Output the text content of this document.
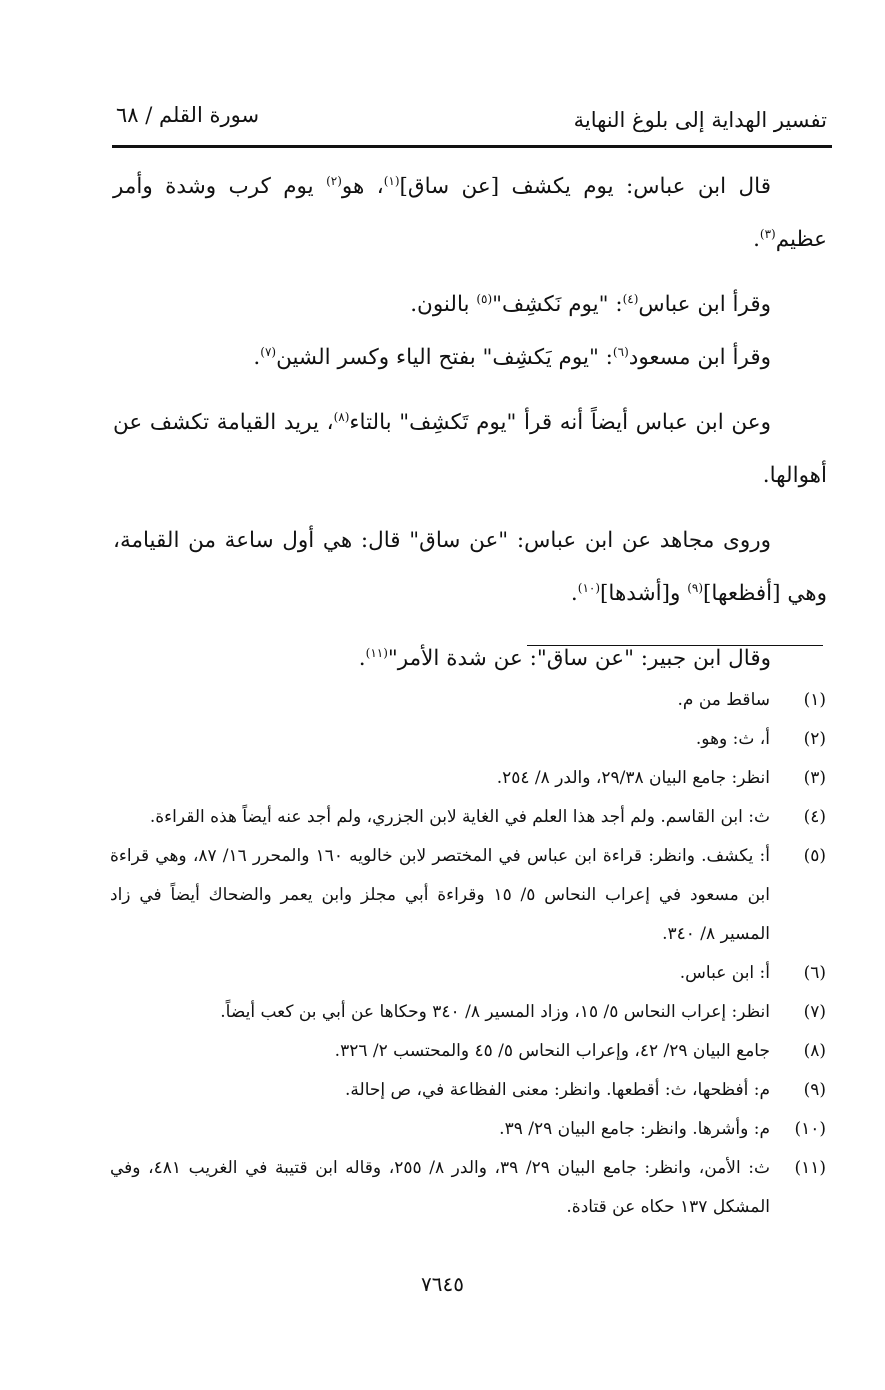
تفسير الهداية إلى بلوغ النهاية
سورة القلم / ٦٨

قال ابن عباس: يوم يكشف [عن ساق]$^{(١)}$، هو$^{(٢)}$ يوم كرب وشدة وأمر عظيم$^{(٣)}$.

وقرأ ابن عباس$^{(٤)}$: "يوم نَكشِف"$^{(٥)}$ بالنون.

وقرأ ابن مسعود$^{(٦)}$: "يوم يَكشِف" بفتح الياء وكسر الشين$^{(٧)}$.

وعن ابن عباس أيضاً أنه قرأ "يوم تَكشِف" بالتاء$^{(٨)}$، يريد القيامة تكشف عن أهوالها.

وروى مجاهد عن ابن عباس: "عن ساق" قال: هي أول ساعة من القيامة، وهي [أفظعها]$^{(٩)}$ و[أشدها]$^{(١٠)}$.

وقال ابن جبير: "عن ساق": عن شدة الأمر"$^{(١١)}$.

(١)
ساقط من م.
(٢)
أ، ث: وهو.
(٣)
انظر: جامع البيان ٢٩/٣٨، والدر ٨/ ٢٥٤.
(٤)
ث: ابن القاسم. ولم أجد هذا العلم في الغاية لابن الجزري، ولم أجد عنه أيضاً هذه القراءة.
(٥)
أ: يكشف. وانظر: قراءة ابن عباس في المختصر لابن خالويه ١٦٠ والمحرر ١٦/ ٨٧، وهي قراءة ابن مسعود في إعراب النحاس ٥/ ١٥ وقراءة أبي مجلز وابن يعمر والضحاك أيضاً في زاد المسير ٨/ ٣٤٠.
(٦)
أ: ابن عباس.
(٧)
انظر: إعراب النحاس ٥/ ١٥، وزاد المسير ٨/ ٣٤٠ وحكاها عن أبي بن كعب أيضاً.
(٨)
جامع البيان ٢٩/ ٤٢، وإعراب النحاس ٥/ ٤٥ والمحتسب ٢/ ٣٢٦.
(٩)
م: أفظحها، ث: أقطعها. وانظر: معنى الفظاعة في، ص إحالة.
(١٠)
م: وأشرها. وانظر: جامع البيان ٢٩/ ٣٩.
(١١)
ث: الأمن، وانظر: جامع البيان ٢٩/ ٣٩، والدر ٨/ ٢٥٥، وقاله ابن قتيبة في الغريب ٤٨١، وفي المشكل ١٣٧ حكاه عن قتادة.
٧٦٤٥
